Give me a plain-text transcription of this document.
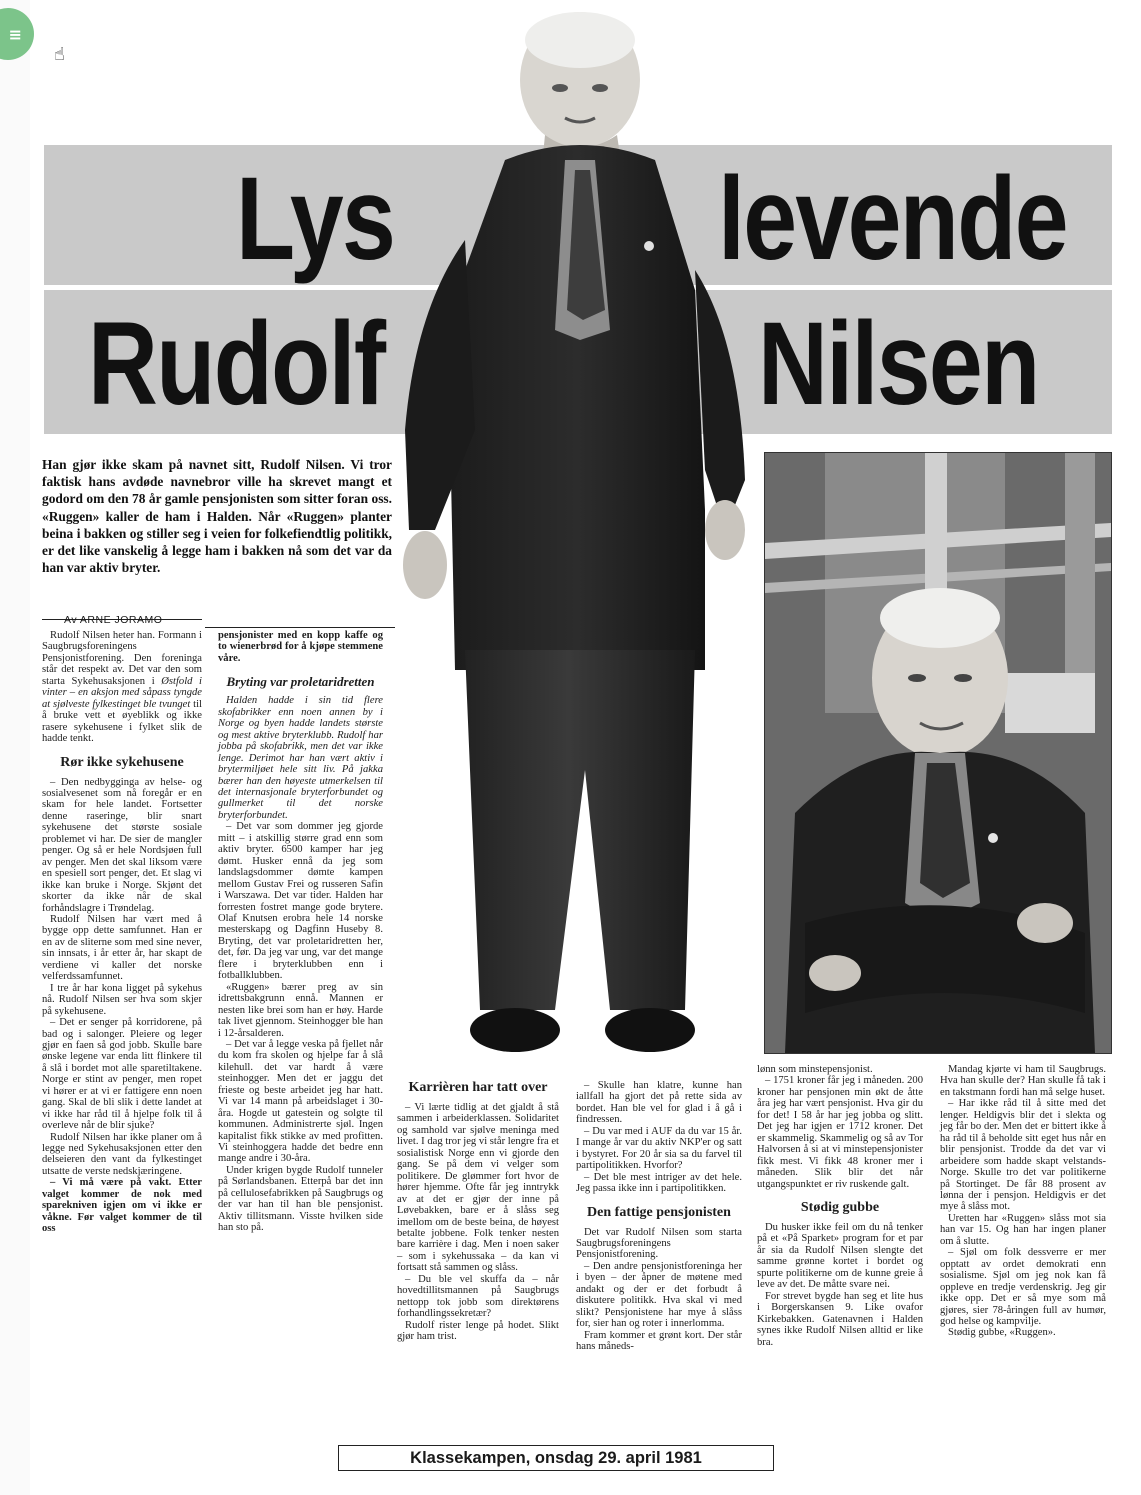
≡
☝
Lys	levende
Rudolf	Nilsen
Han gjør ikke skam på navnet sitt, Rudolf Nilsen. Vi tror faktisk hans avdøde navnebror ville ha skrevet mangt et godord om den 78 år gamle pensjonisten som sitter foran oss. «Ruggen» kaller de ham i Halden. Når «Ruggen» planter beina i bakken og stiller seg i veien for folkefiendtlig politikk, er det like vanskelig å legge ham i bakken nå som det var da han var aktiv bryter.
Av ARNE JORAMO

Rudolf Nilsen heter han. Formann i Saugbrugsforeningens Pensjonistforening. Den foreninga står det respekt av. Det var den som starta Sykehusaksjonen i Østfold i vinter – en aksjon med såpass tyngde at sjølveste fylkestinget ble tvunget til å bruke vett et øyeblikk og ikke rasere sykehusene i fylket slik de hadde tenkt.

Rør ikke sykehusene

– Den nedbygginga av helse- og sosialvesenet som nå foregår er en skam for hele landet. Fortsetter denne raseringe, blir snart sykehusene det største sosiale problemet vi har. De sier de mangler penger. Og så er hele Nordsjøen full av penger. Men det skal liksom være en spesiell sort penger, det. Et slag vi ikke kan bruke i Norge. Skjønt det skorter da ikke når de skal forhåndslagre i Trøndelag.

Rudolf Nilsen har vært med å bygge opp dette samfunnet. Han er en av de sliterne som med sine never, sin innsats, i år etter år, har skapt de verdiene vi kaller det norske velferdssamfunnet.

I tre år har kona ligget på sykehus nå. Rudolf Nilsen ser hva som skjer på sykehusene.

– Det er senger på korridorene, på bad og i salonger. Pleiere og leger gjør en faen så god jobb. Skulle bare ønske legene var enda litt flinkere til å slå i bordet mot alle sparetiltakene. Norge er stint av penger, men ropet vi hører er at vi er fattigere enn noen gang. Skal de bli slik i dette landet at vi ikke har råd til å hjelpe folk til å overleve når de blir sjuke?

Rudolf Nilsen har ikke planer om å legge ned Sykehusaksjonen etter den delseieren den vant da fylkestinget utsatte de verste nedskjæringene.

– Vi må være på vakt. Etter valget kommer de nok med sparekniven igjen om vi ikke er våkne. Før valget kommer de til oss

pensjonister med en kopp kaffe og to wienerbrød for å kjøpe stemmene våre.

Bryting var proletaridretten

Halden hadde i sin tid flere skofabrikker enn noen annen by i Norge og byen hadde landets største og mest aktive bryterklubb. Rudolf har jobba på skofabrikk, men det var ikke lenge. Derimot har han vært aktiv i brytermiljøet hele sitt liv. På jakka bærer han den høyeste utmerkelsen til det internasjonale bryterforbundet og gullmerket til det norske bryterforbundet.

– Det var som dommer jeg gjorde mitt – i atskillig større grad enn som aktiv bryter. 6500 kamper har jeg dømt. Husker ennå da jeg som landslagsdommer dømte kampen mellom Gustav Frei og russeren Safin i Warszawa. Det var tider. Halden har forresten fostret mange gode brytere. Olaf Knutsen erobra hele 14 norske mesterskapg og Dagfinn Huseby 8. Bryting, det var proletaridretten her, det, før. Da jeg var ung, var det mange flere i bryterklubben enn i fotballklubben.

«Ruggen» bærer preg av sin idrettsbakgrunn ennå. Mannen er nesten like brei som han er høy. Harde tak livet gjennom. Steinhogger ble han i 12-årsalderen.

– Det var å legge veska på fjellet når du kom fra skolen og hjelpe far å slå kilehull. det var hardt å være steinhogger. Men det er jaggu det frieste og beste arbeidet jeg har hatt. Vi var 14 mann på arbeidslaget i 30-åra. Hogde ut gatestein og solgte til kommunen. Administrerte sjøl. Ingen kapitalist fikk stikke av med profitten. Vi steinhoggera hadde det bedre enn mange andre i 30-åra.

Under krigen bygde Rudolf tunneler på Sørlandsbanen. Etterpå bar det inn på cellulosefabrikken på Saugbrugs og der var han til han ble pensjonist. Aktiv tillitsmann. Visste hvilken side han sto på.

Karrièren har tatt over

– Vi lærte tidlig at det gjaldt å stå sammen i arbeiderklassen. Solidaritet og samhold var sjølve meninga med livet. I dag tror jeg vi står lengre fra et sosialistisk Norge enn vi gjorde den gang. Se på dem vi velger som politikere. De glømmer fort hvor de hører hjemme. Ofte får jeg inntrykk av at det er gjør der inne på Løvebakken, bare er å slåss seg imellom om de beste beina, de høyest betalte jobbene. Folk tenker nesten bare karrière i dag. Men i noen saker – som i sykehussaka – da kan vi fortsatt stå sammen og slåss.

– Du ble vel skuffa da – når hovedtillitsmannen på Saugbrugs nettopp tok jobb som direktørens forhandlingssekretær?

Rudolf rister lenge på hodet. Slikt gjør ham trist.

– Skulle han klatre, kunne han iallfall ha gjort det på rette sida av bordet. Han ble vel for glad i å gå i findressen.

– Du var med i AUF da du var 15 år. I mange år var du aktiv NKP'er og satt i bystyret. For 20 år sia sa du farvel til partipolitikken. Hvorfor?

– Det ble mest intriger av det hele. Jeg passa ikke inn i partipolitikken.

Den fattige pensjonisten

Det var Rudolf Nilsen som starta Saugbrugsforeningens Pensjonistforening.

– Den andre pensjonistforeninga her i byen – der åpner de møtene med andakt og der er det forbudt å diskutere politikk. Hva skal vi med slikt? Pensjonistene har mye å slåss for, sier han og roter i innerlomma.

Fram kommer et grønt kort. Der står hans måneds-

lønn som minstepensjonist.

– 1751 kroner får jeg i måneden. 200 kroner har pensjonen min økt de åtte åra jeg har vært pensjonist. Hva gir du for det! I 58 år har jeg jobba og slitt. Det jeg har igjen er 1712 kroner. Det er skammelig. Skammelig og så av Tor Halvorsen å si at vi minstepensjonister fikk mest. Vi fikk 48 kroner mer i måneden. Slik blir det når utgangspunktet er riv ruskende galt.

Stødig gubbe

Du husker ikke feil om du nå tenker på et «På Sparket» program for et par år sia da Rudolf Nilsen slengte det samme grønne kortet i bordet og spurte politikerne om de kunne greie å leve av det. De måtte svare nei.

For strevet bygde han seg et lite hus i Borgerskansen 9. Like ovafor Kirkebakken. Gatenavnen i Halden synes ikke Rudolf Nilsen alltid er like bra.

Mandag kjørte vi ham til Saugbrugs. Hva han skulle der? Han skulle få tak i en takstmann fordi han må selge huset.

– Har ikke råd til å sitte med det lenger. Heldigvis blir det i slekta og jeg får bo der. Men det er bittert ikke å ha råd til å beholde sitt eget hus når en blir pensjonist. Trodde da det var vi arbeidere som hadde skapt velstands-Norge. Skulle tro det var politikerne på Stortinget. De får 88 prosent av lønna der i pensjon. Heldigvis er det mye å slåss mot.

Uretten har «Ruggen» slåss mot sia han var 15. Og han har ingen planer om å slutte.

– Sjøl om folk dessverre er mer opptatt av ordet demokrati enn sosialisme. Sjøl om jeg nok kan få oppleve en tredje verdenskrig. Jeg gir ikke opp. Det er så mye som må gjøres, sier 78-åringen full av humør, god helse og kampvilje.

Stødig gubbe, «Ruggen».

Klassekampen, onsdag 29. april 1981
